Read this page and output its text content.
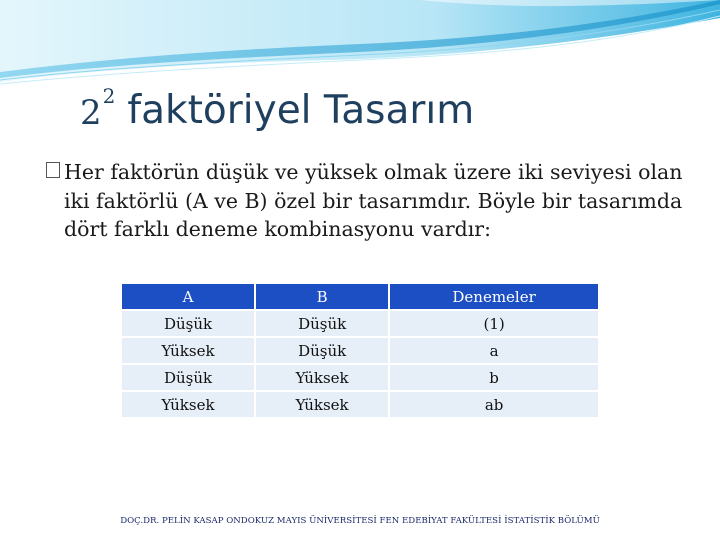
2 2 faktöriyel Tasarım
Her faktörün düşük ve yüksek olmak üzere iki seviyesi olan iki faktörlü (A ve B) özel bir tasarımdır. Böyle bir tasarımda dört farklı deneme kombinasyonu vardır:
A	B	Denemeler
Düşük	Düşük	(1)
Yüksek	Düşük	a
Düşük	Yüksek	b
Yüksek	Yüksek	ab
DOÇ.DR. PELİN KASAP ONDOKUZ MAYIS ÜNİVERSİTESİ FEN EDEBİYAT FAKÜLTESİ İSTATİSTİK BÖLÜMÜ
